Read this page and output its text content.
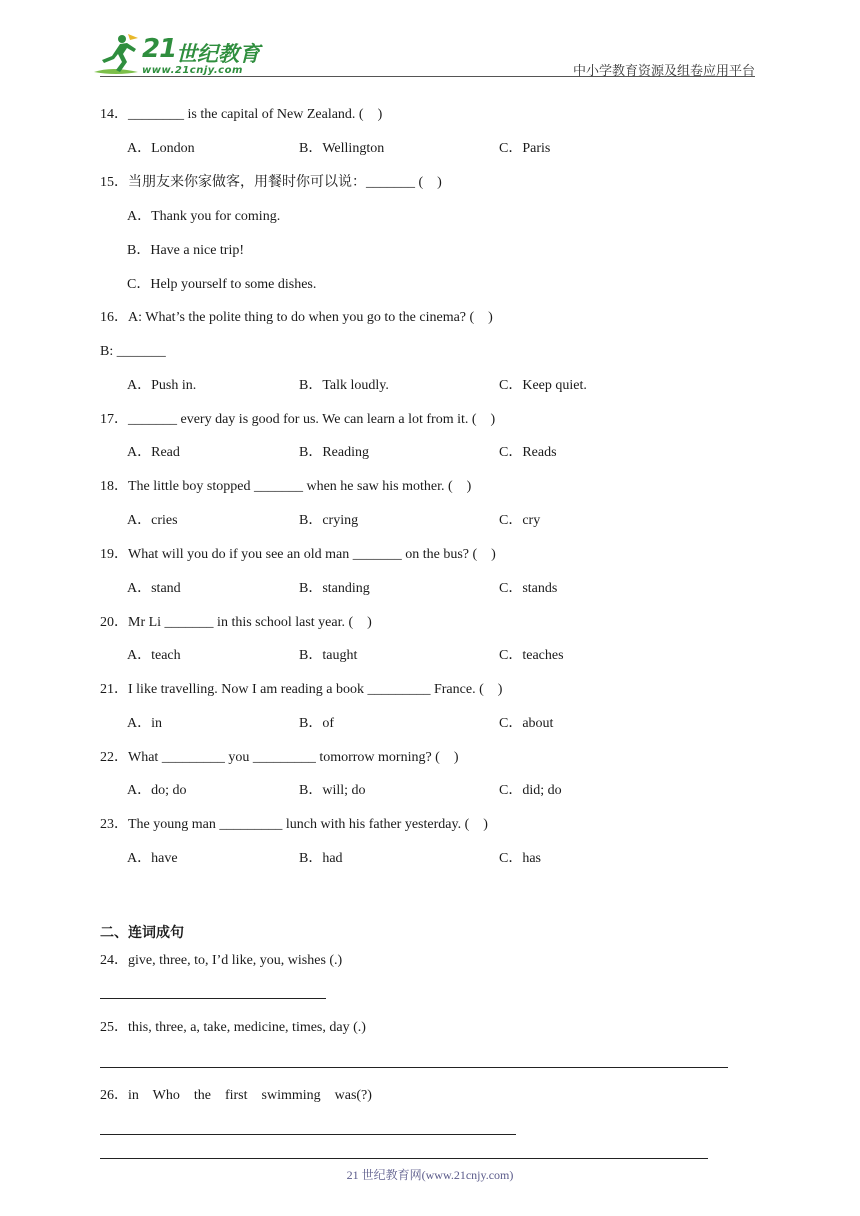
21 世纪教育
www.21cnjy.com	中小学教育资源及组卷应用平台
14．________ is the capital of New Zealand. (    )
A．London	B．Wellington	C．Paris
15．当朋友来你家做客，用餐时你可以说：_______ (    )
A．Thank you for coming.
B．Have a nice trip!
C．Help yourself to some dishes.
16．A: What’s the polite thing to do when you go to the cinema? (    )
B: _______
A．Push in.	B．Talk loudly.	C．Keep quiet.
17．_______ every day is good for us. We can learn a lot from it. (    )
A．Read	B．Reading	C．Reads
18．The little boy stopped _______ when he saw his mother. (    )
A．cries	B．crying	C．cry
19．What will you do if you see an old man _______ on the bus? (    )
A．stand	B．standing	C．stands
20．Mr Li _______ in this school last year. (    )
A．teach	B．taught	C．teaches
21．I like travelling. Now I am reading a book _________ France. (    )
A．in	B．of	C．about
22．What _________ you _________ tomorrow morning? (    )
A．do; do	B．will; do	C．did; do
23．The young man _________ lunch with his father yesterday. (    )
A．have	B．had	C．has
二、连词成句
24．give, three, to, I’d like, you, wishes (.)
25．this, three, a, take, medicine, times, day (.)
26．in    Who    the    first    swimming    was(?)
21 世纪教育网(www.21cnjy.com)
